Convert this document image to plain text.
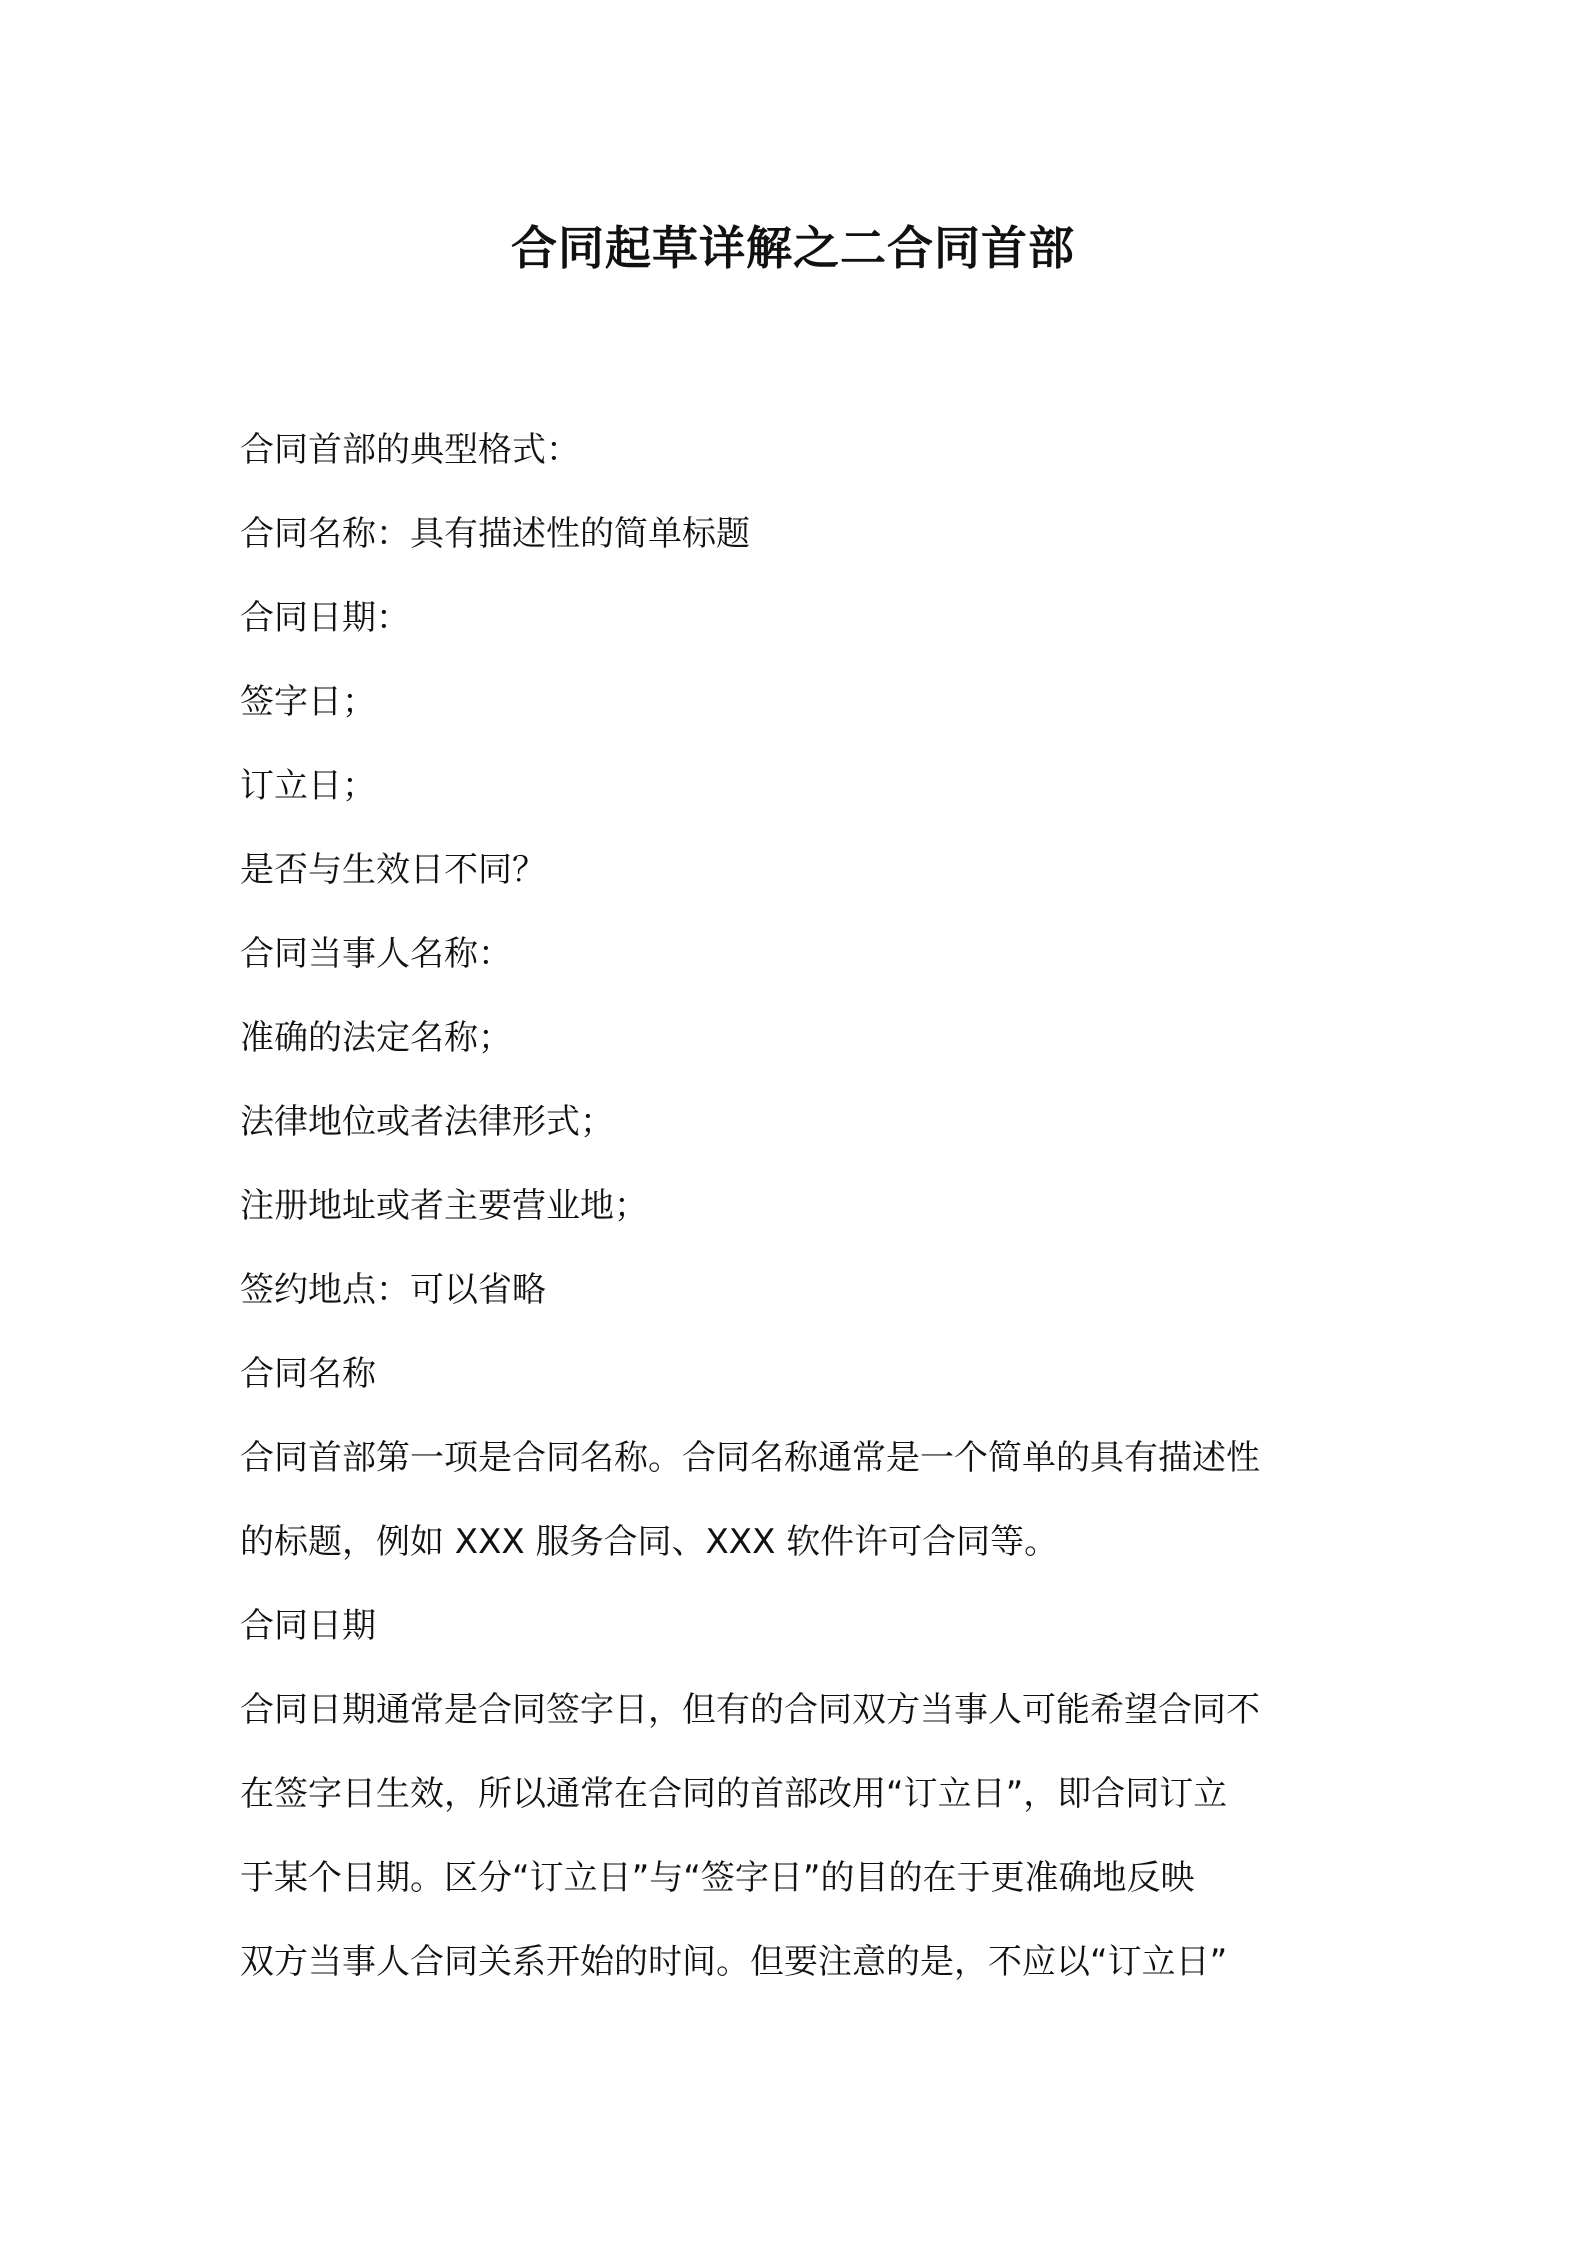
合同起草详解之二合同首部

合同首部的典型格式：

合同名称：具有描述性的简单标题

合同日期：

签字日；

订立日；

是否与生效日不同？

合同当事人名称：

准确的法定名称；

法律地位或者法律形式；

注册地址或者主要营业地；

签约地点：可以省略

合同名称

合同首部第一项是合同名称。合同名称通常是一个简单的具有描述性

的标题，例如 XXX 服务合同、XXX 软件许可合同等。

合同日期

合同日期通常是合同签字日，但有的合同双方当事人可能希望合同不

在签字日生效，所以通常在合同的首部改用“订立日”，即合同订立

于某个日期。区分“订立日”与“签字日”的目的在于更准确地反映

双方当事人合同关系开始的时间。但要注意的是，不应以“订立日”
